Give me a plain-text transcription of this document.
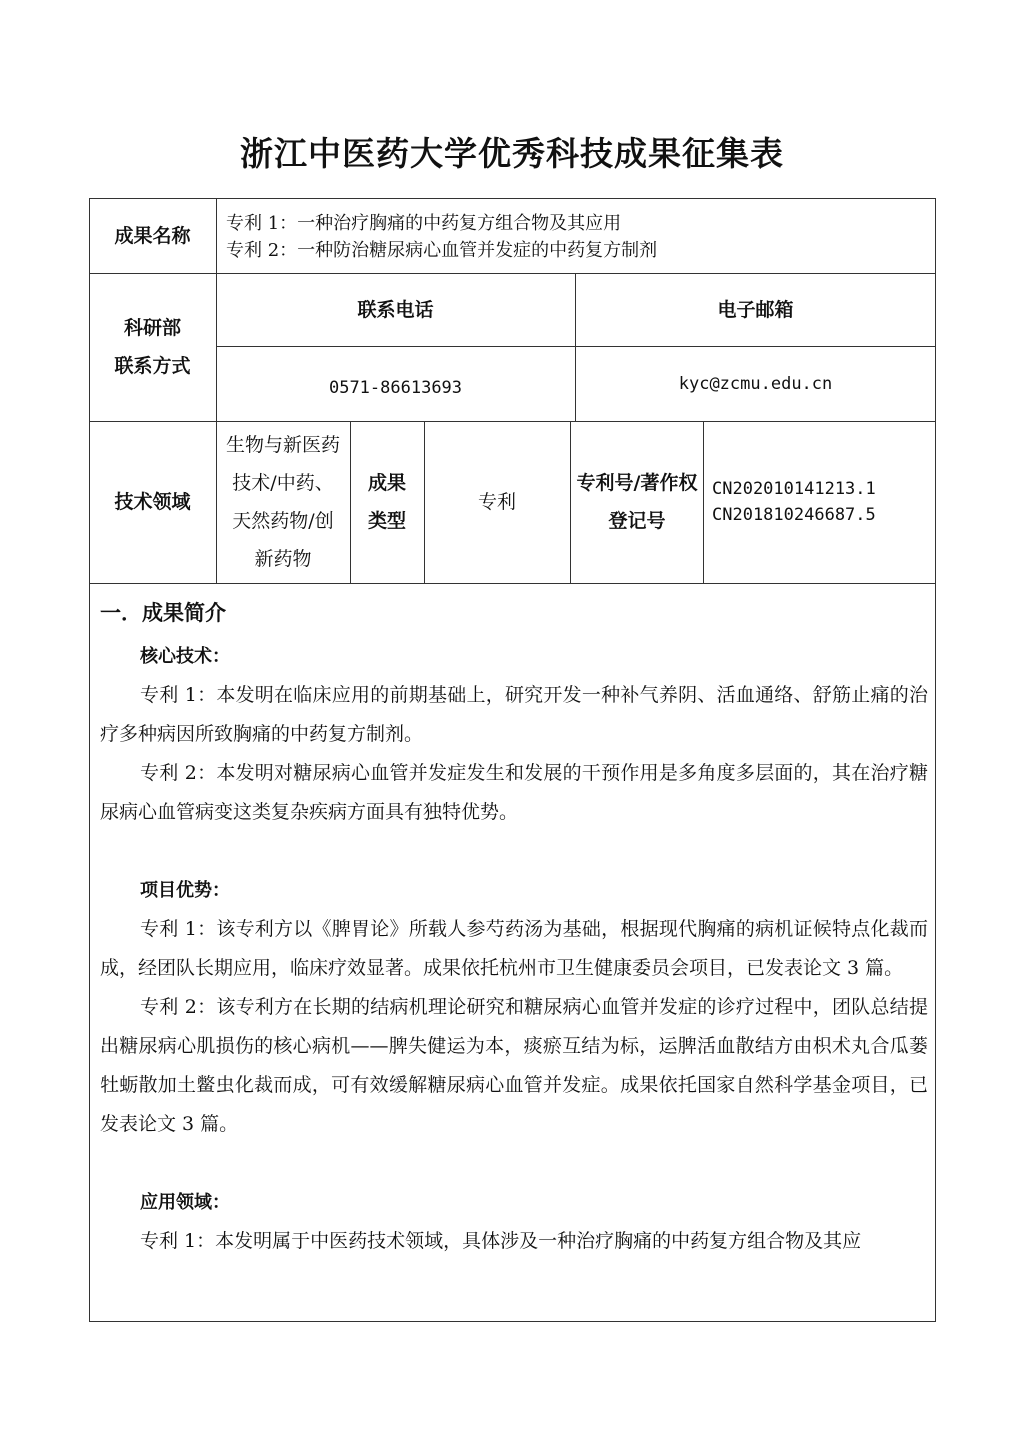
浙江中医药大学优秀科技成果征集表
成果名称
专利 1：一种治疗胸痛的中药复方组合物及其应用
专利 2：一种防治糖尿病心血管并发症的中药复方制剂
科研部
联系方式
联系电话	电子邮箱
0571-86613693	kyc@zcmu.edu.cn
技术领域
生物与新医药技术/中药、天然药物/创新药物
成果类型
专利
专利号/著作权登记号
CN202010141213.1
CN201810246687.5

一．成果简介

核心技术：

专利 1：本发明在临床应用的前期基础上，研究开发一种补气养阴、活血通络、舒筋止痛的治疗多种病因所致胸痛的中药复方制剂。

专利 2：本发明对糖尿病心血管并发症发生和发展的干预作用是多角度多层面的，其在治疗糖尿病心血管病变这类复杂疾病方面具有独特优势。

项目优势：

专利 1：该专利方以《脾胃论》所载人参芍药汤为基础，根据现代胸痛的病机证候特点化裁而成，经团队长期应用，临床疗效显著。成果依托杭州市卫生健康委员会项目，已发表论文 3 篇。

专利 2：该专利方在长期的结病机理论研究和糖尿病心血管并发症的诊疗过程中，团队总结提出糖尿病心肌损伤的核心病机——脾失健运为本，痰瘀互结为标，运脾活血散结方由枳术丸合瓜蒌牡蛎散加土鳖虫化裁而成，可有效缓解糖尿病心血管并发症。成果依托国家自然科学基金项目，已发表论文 3 篇。

应用领域：

专利 1：本发明属于中医药技术领域，具体涉及一种治疗胸痛的中药复方组合物及其应
